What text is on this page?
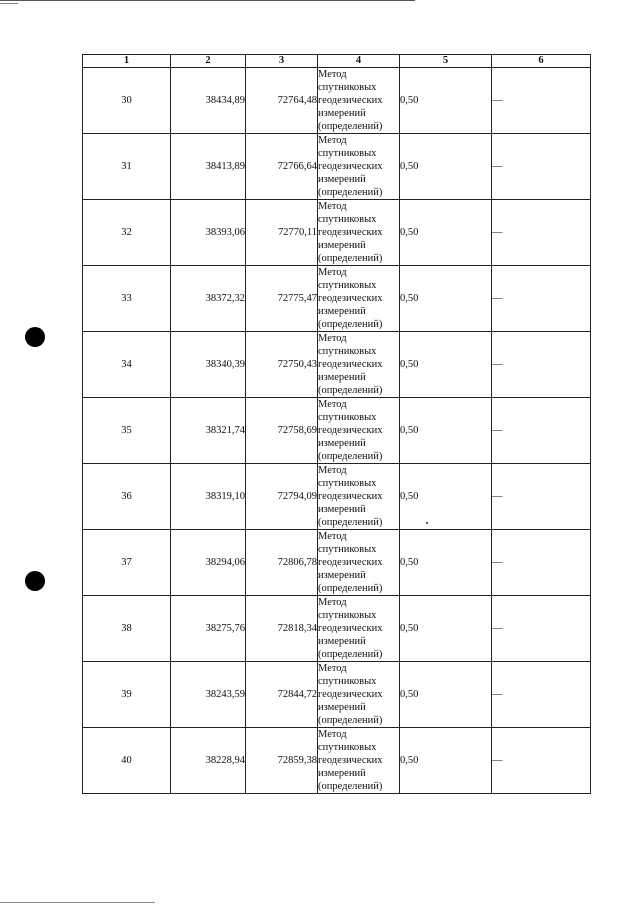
1	2	3	4	5	6
30	38434,89	72764,48	Метод
спутниковых
геодезических
измерений
(определений)	0,50	—
31	38413,89	72766,64	Метод
спутниковых
геодезических
измерений
(определений)	0,50	—
32	38393,06	72770,11	Метод
спутниковых
геодезических
измерений
(определений)	0,50	—
33	38372,32	72775,47	Метод
спутниковых
геодезических
измерений
(определений)	0,50	—
34	38340,39	72750,43	Метод
спутниковых
геодезических
измерений
(определений)	0,50	—
35	38321,74	72758,69	Метод
спутниковых
геодезических
измерений
(определений)	0,50	—
36	38319,10	72794,09	Метод
спутниковых
геодезических
измерений
(определений)	0,50	—
37	38294,06	72806,78	Метод
спутниковых
геодезических
измерений
(определений)	0,50	—
38	38275,76	72818,34	Метод
спутниковых
геодезических
измерений
(определений)	0,50	—
39	38243,59	72844,72	Метод
спутниковых
геодезических
измерений
(определений)	0,50	—
40	38228,94	72859,38	Метод
спутниковых
геодезических
измерений
(определений)	0,50	—
